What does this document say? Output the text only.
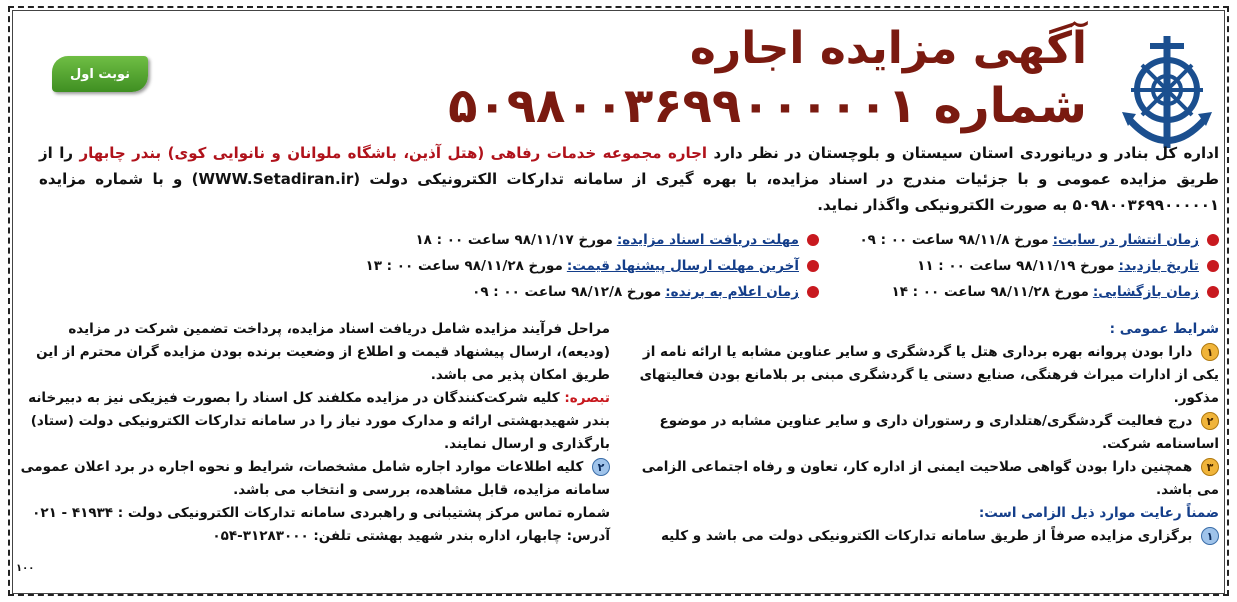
نوبت اول	آگهی مزایده اجاره
شماره ۵۰۹۸۰۰۳۶۹۹۰۰۰۰۰۱
اداره کل بنادر و دریانوردی استان سیستان و بلوچستان در نظر دارد اجاره مجموعه خدمات رفاهی (هتل آذین، باشگاه ملوانان و نانوایی کوی) بندر چابهار را از طریق مزایده عمومی و با جزئیات مندرج در اسناد مزایده، با بهره گیری از سامانه تدارکات الکترونیکی دولت (WWW.Setadiran.ir) و با شماره مزایده ۵۰۹۸۰۰۳۶۹۹۰۰۰۰۰۱ به صورت الکترونیکی واگذار نماید.
زمان انتشار در سایت:
مورخ ۹۸/۱۱/۸ ساعت ۰۰ : ۰۹
مهلت دریافت اسناد مزایده:
مورخ ۹۸/۱۱/۱۷ ساعت ۰۰ : ۱۸
تاریخ بازدید:
مورخ ۹۸/۱۱/۱۹ ساعت ۰۰ : ۱۱
آخرین مهلت ارسال پیشنهاد قیمت:
مورخ ۹۸/۱۱/۲۸ ساعت ۰۰ : ۱۳
زمان بازگشایی:
مورخ ۹۸/۱۱/۲۸ ساعت ۰۰ : ۱۴
زمان اعلام به برنده:
مورخ ۹۸/۱۲/۸ ساعت ۰۰ : ۰۹

شرایط عمومی :

۱ دارا بودن پروانه بهره برداری هتل یا گردشگری و سایر عناوین مشابه یا ارائه نامه از یکی از ادارات میراث فرهنگی، صنایع دستی یا گردشگری مبنی بر بلامانع بودن فعالیتهای مذکور.

۲ درج فعالیت گردشگری/هتلداری و رستوران داری و سایر عناوین مشابه در موضوع اساسنامه شرکت.

۳ همچنین دارا بودن گواهی صلاحیت ایمنی از اداره کار، تعاون و رفاه اجتماعی الزامی می باشد.

ضمناً رعایت موارد ذیل الزامی است:

۱ برگزاری مزایده صرفاً از طریق سامانه تدارکات الکترونیکی دولت می باشد و کلیه

مراحل فرآیند مزایده شامل دریافت اسناد مزایده، پرداخت تضمین شرکت در مزایده (ودیعه)، ارسال پیشنهاد قیمت و اطلاع از وضعیت برنده بودن مزایده گران محترم از این طریق امکان پذیر می باشد.

تبصره: کلیه شرکت‌کنندگان در مزایده مکلفند کل اسناد را بصورت فیزیکی نیز به دبیرخانه بندر شهیدبهشتی ارائه و مدارک مورد نیاز را در سامانه تدارکات الکترونیکی دولت (ستاد) بارگذاری و ارسال نمایند.

۲ کلیه اطلاعات موارد اجاره شامل مشخصات، شرایط و نحوه اجاره در برد اعلان عمومی سامانه مزایده، قابل مشاهده، بررسی و انتخاب می باشد.

شماره تماس مرکز پشتیبانی و راهبردی سامانه تدارکات الکترونیکی دولت : ۴۱۹۳۴ - ۰۲۱

آدرس: چابهار، اداره بندر شهید بهشتی تلفن: ۳۱۲۸۳۰۰۰-۰۵۴

۱۰۰
